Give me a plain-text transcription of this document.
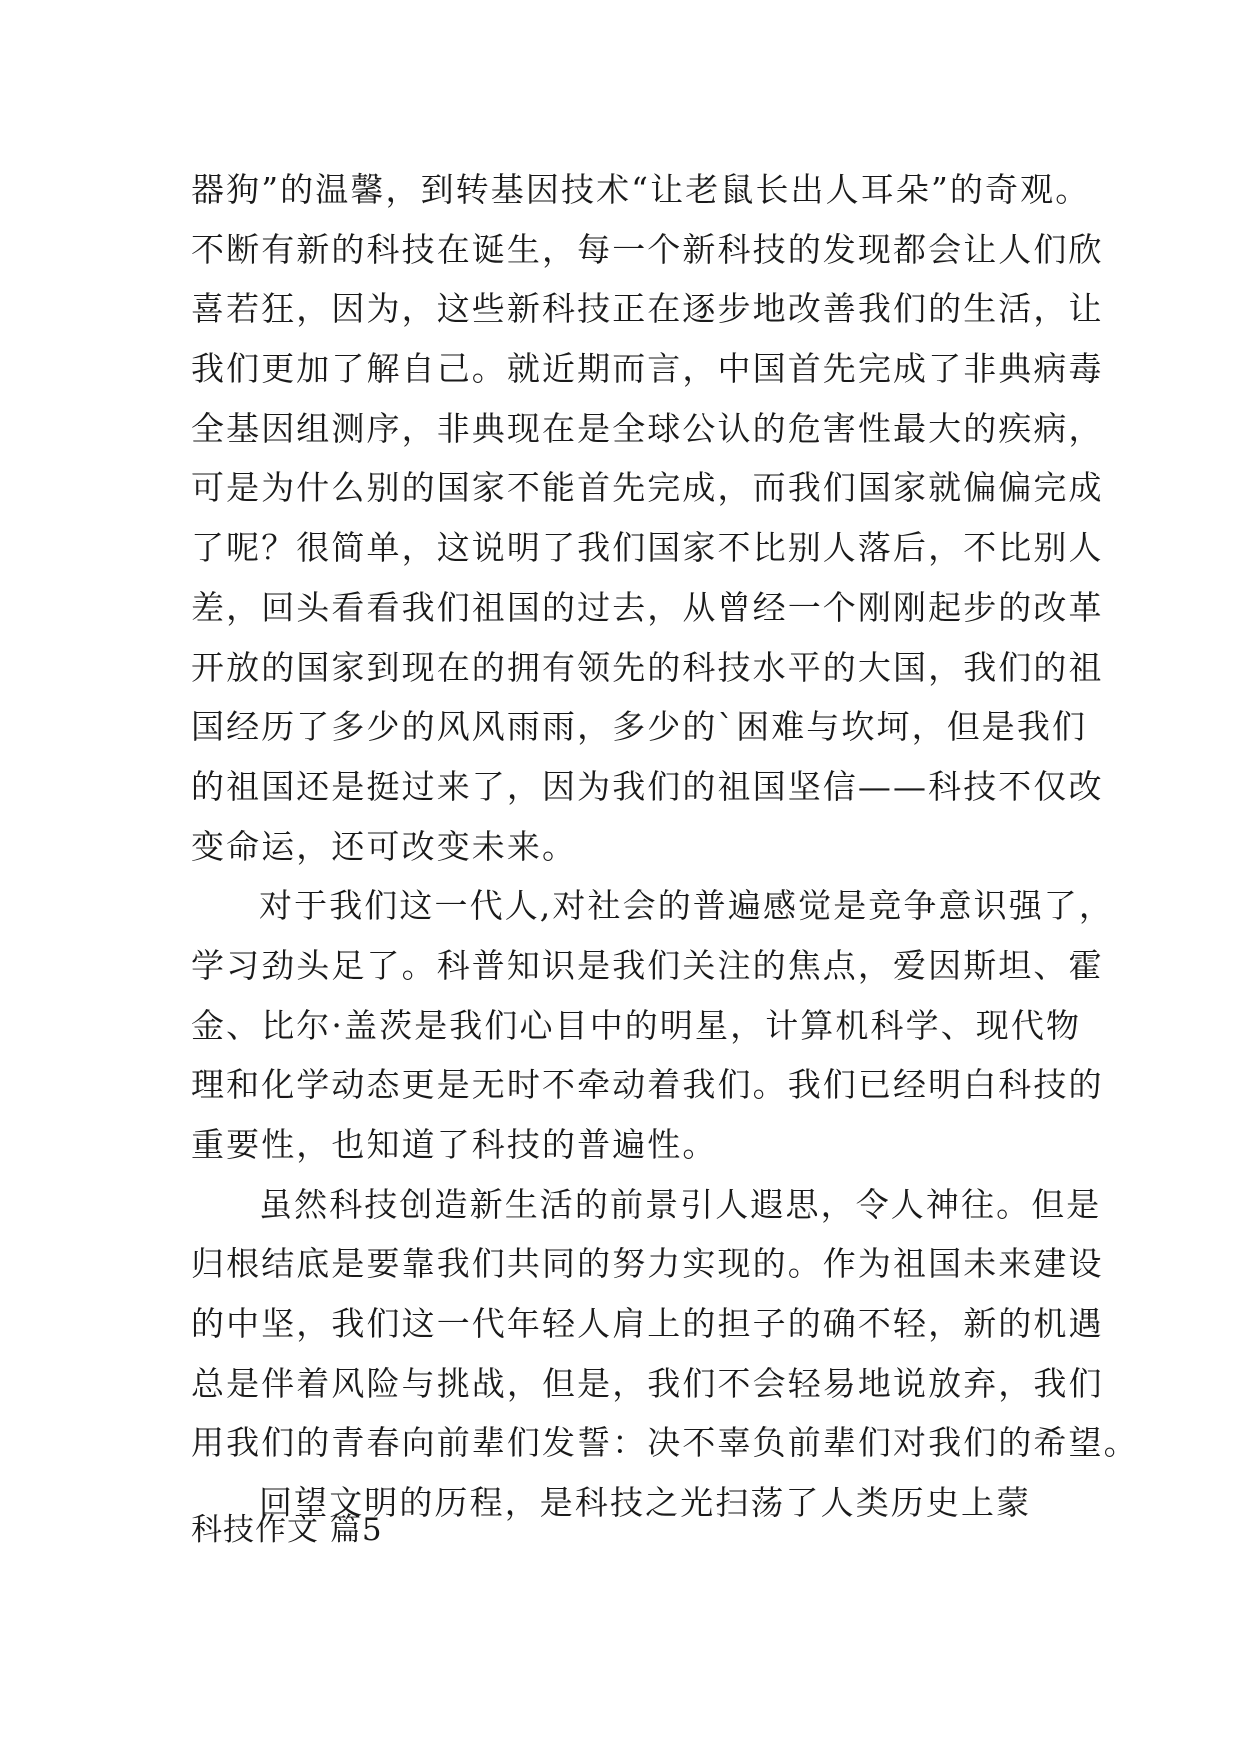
器狗”的温馨，到转基因技术“让老鼠长出人耳朵”的奇观。
不断有新的科技在诞生，每一个新科技的发现都会让人们欣
喜若狂，因为，这些新科技正在逐步地改善我们的生活，让
我们更加了解自己。就近期而言，中国首先完成了非典病毒
全基因组测序，非典现在是全球公认的危害性最大的疾病，
可是为什么别的国家不能首先完成，而我们国家就偏偏完成
了呢？很简单，这说明了我们国家不比别人落后，不比别人
差，回头看看我们祖国的过去，从曾经一个刚刚起步的改革
开放的国家到现在的拥有领先的科技水平的大国，我们的祖
国经历了多少的风风雨雨，多少的`困难与坎坷，但是我们
的祖国还是挺过来了，因为我们的祖国坚信——科技不仅改
变命运，还可改变未来。
对于我们这一代人,对社会的普遍感觉是竞争意识强了，
学习劲头足了。科普知识是我们关注的焦点，爱因斯坦、霍
金、比尔·盖茨是我们心目中的明星，计算机科学、现代物
理和化学动态更是无时不牵动着我们。我们已经明白科技的
重要性，也知道了科技的普遍性。
虽然科技创造新生活的前景引人遐思，令人神往。但是
归根结底是要靠我们共同的努力实现的。作为祖国未来建设
的中坚，我们这一代年轻人肩上的担子的确不轻，新的机遇
总是伴着风险与挑战，但是，我们不会轻易地说放弃，我们
用我们的青春向前辈们发誓：决不辜负前辈们对我们的希望。
回望文明的历程，是科技之光扫荡了人类历史上蒙
科技作文 篇5
